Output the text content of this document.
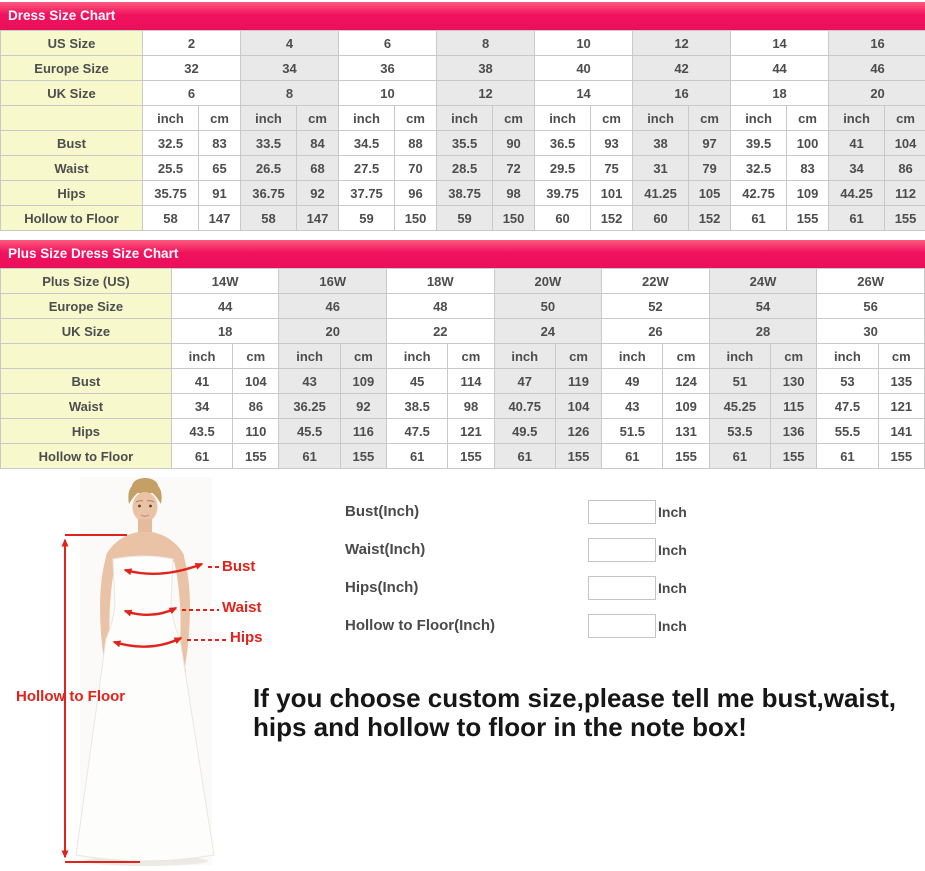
Dress Size Chart
US Size	2		4		6		8		10		12		14		16	
Europe Size	32		34		36		38		40		42		44		46	
UK Size	6		8		10		12		14		16		18		20	
	inch	cm	inch	cm	inch	cm	inch	cm	inch	cm	inch	cm	inch	cm	inch	cm
Bust	32.5	83	33.5	84	34.5	88	35.5	90	36.5	93	38	97	39.5	100	41	104
Waist	25.5	65	26.5	68	27.5	70	28.5	72	29.5	75	31	79	32.5	83	34	86
Hips	35.75	91	36.75	92	37.75	96	38.75	98	39.75	101	41.25	105	42.75	109	44.25	112
Hollow to Floor	58	147	58	147	59	150	59	150	60	152	60	152	61	155	61	155
Plus Size Dress Size Chart
Plus Size (US)	14W		16W		18W		20W		22W		24W		26W	
Europe Size	44		46		48		50		52		54		56	
UK Size	18		20		22		24		26		28		30	
	inch	cm	inch	cm	inch	cm	inch	cm	inch	cm	inch	cm	inch	cm
Bust	41	104	43	109	45	114	47	119	49	124	51	130	53	135
Waist	34	86	36.25	92	38.5	98	40.75	104	43	109	45.25	115	47.5	121
Hips	43.5	110	45.5	116	47.5	121	49.5	126	51.5	131	53.5	136	55.5	141
Hollow to Floor	61	155	61	155	61	155	61	155	61	155	61	155	61	155
Bust
Waist
Hips
Hollow to Floor
Bust(Inch)	Inch
Waist(Inch)	Inch
Hips(Inch)	Inch
Hollow to Floor(Inch)	Inch
If you choose custom size,please tell me bust,waist, hips and hollow to floor in the note box!
